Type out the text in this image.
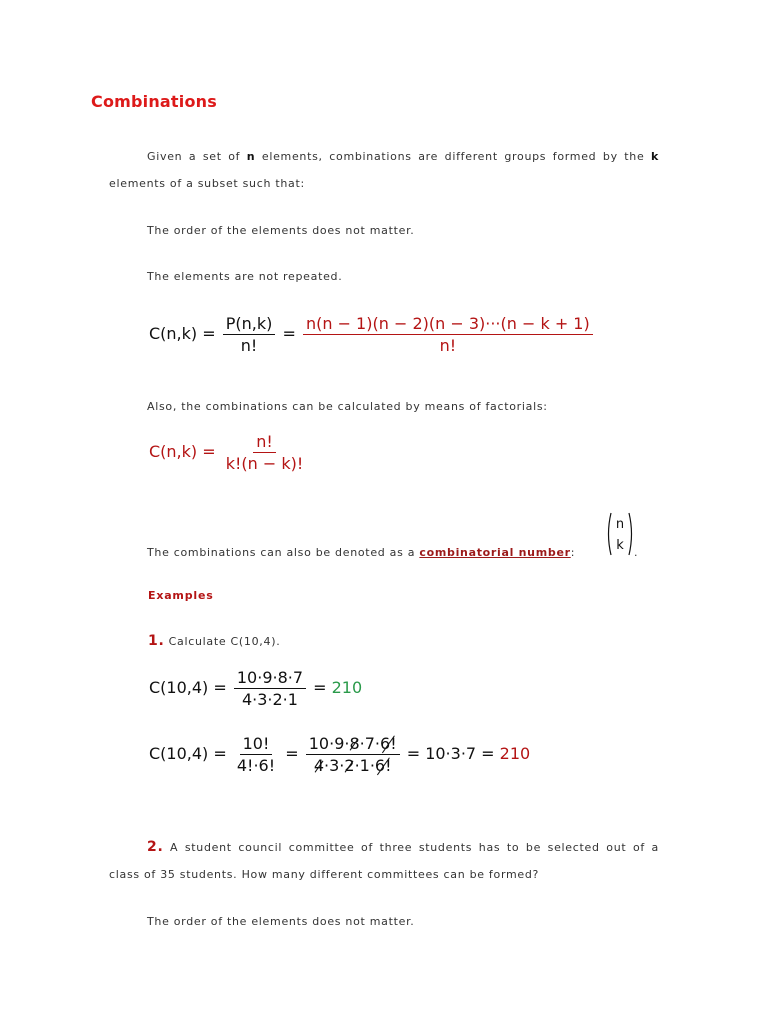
Combinations
Given a set of n elements, combinations are different groups formed by the k elements of a subset such that:
The order of the elements does not matter.
The elements are not repeated.
$C(n,k) = \frac{P(n,k)}{n!} = \frac{n(n - 1)(n - 2)(n - 3)\cdot\cdot\cdot(n - k + 1)}{n!}$
Also, the combinations can be calculated by means of factorials:
$C(n,k) = \frac{n!}{k!(n - k)!}$
The combinations can also be denoted as a combinatorial number:
n
k .
Examples
1. Calculate C(10,4).
$C(10,4) = \frac{10\cdot 9\cdot 8\cdot 7}{4\cdot 3\cdot 2\cdot 1} = 210$
$C(10,4) = \frac{10!}{4!\cdot 6!} = \frac{10\cdot 9\cdot 8\cdot 7\cdot 6!}{4\cdot 3\cdot 2\cdot 1\cdot 6!} = 10\cdot 3\cdot 7 = 210$
2. A student council committee of three students has to be selected out of a class of 35 students. How many different committees can be formed?
The order of the elements does not matter.
